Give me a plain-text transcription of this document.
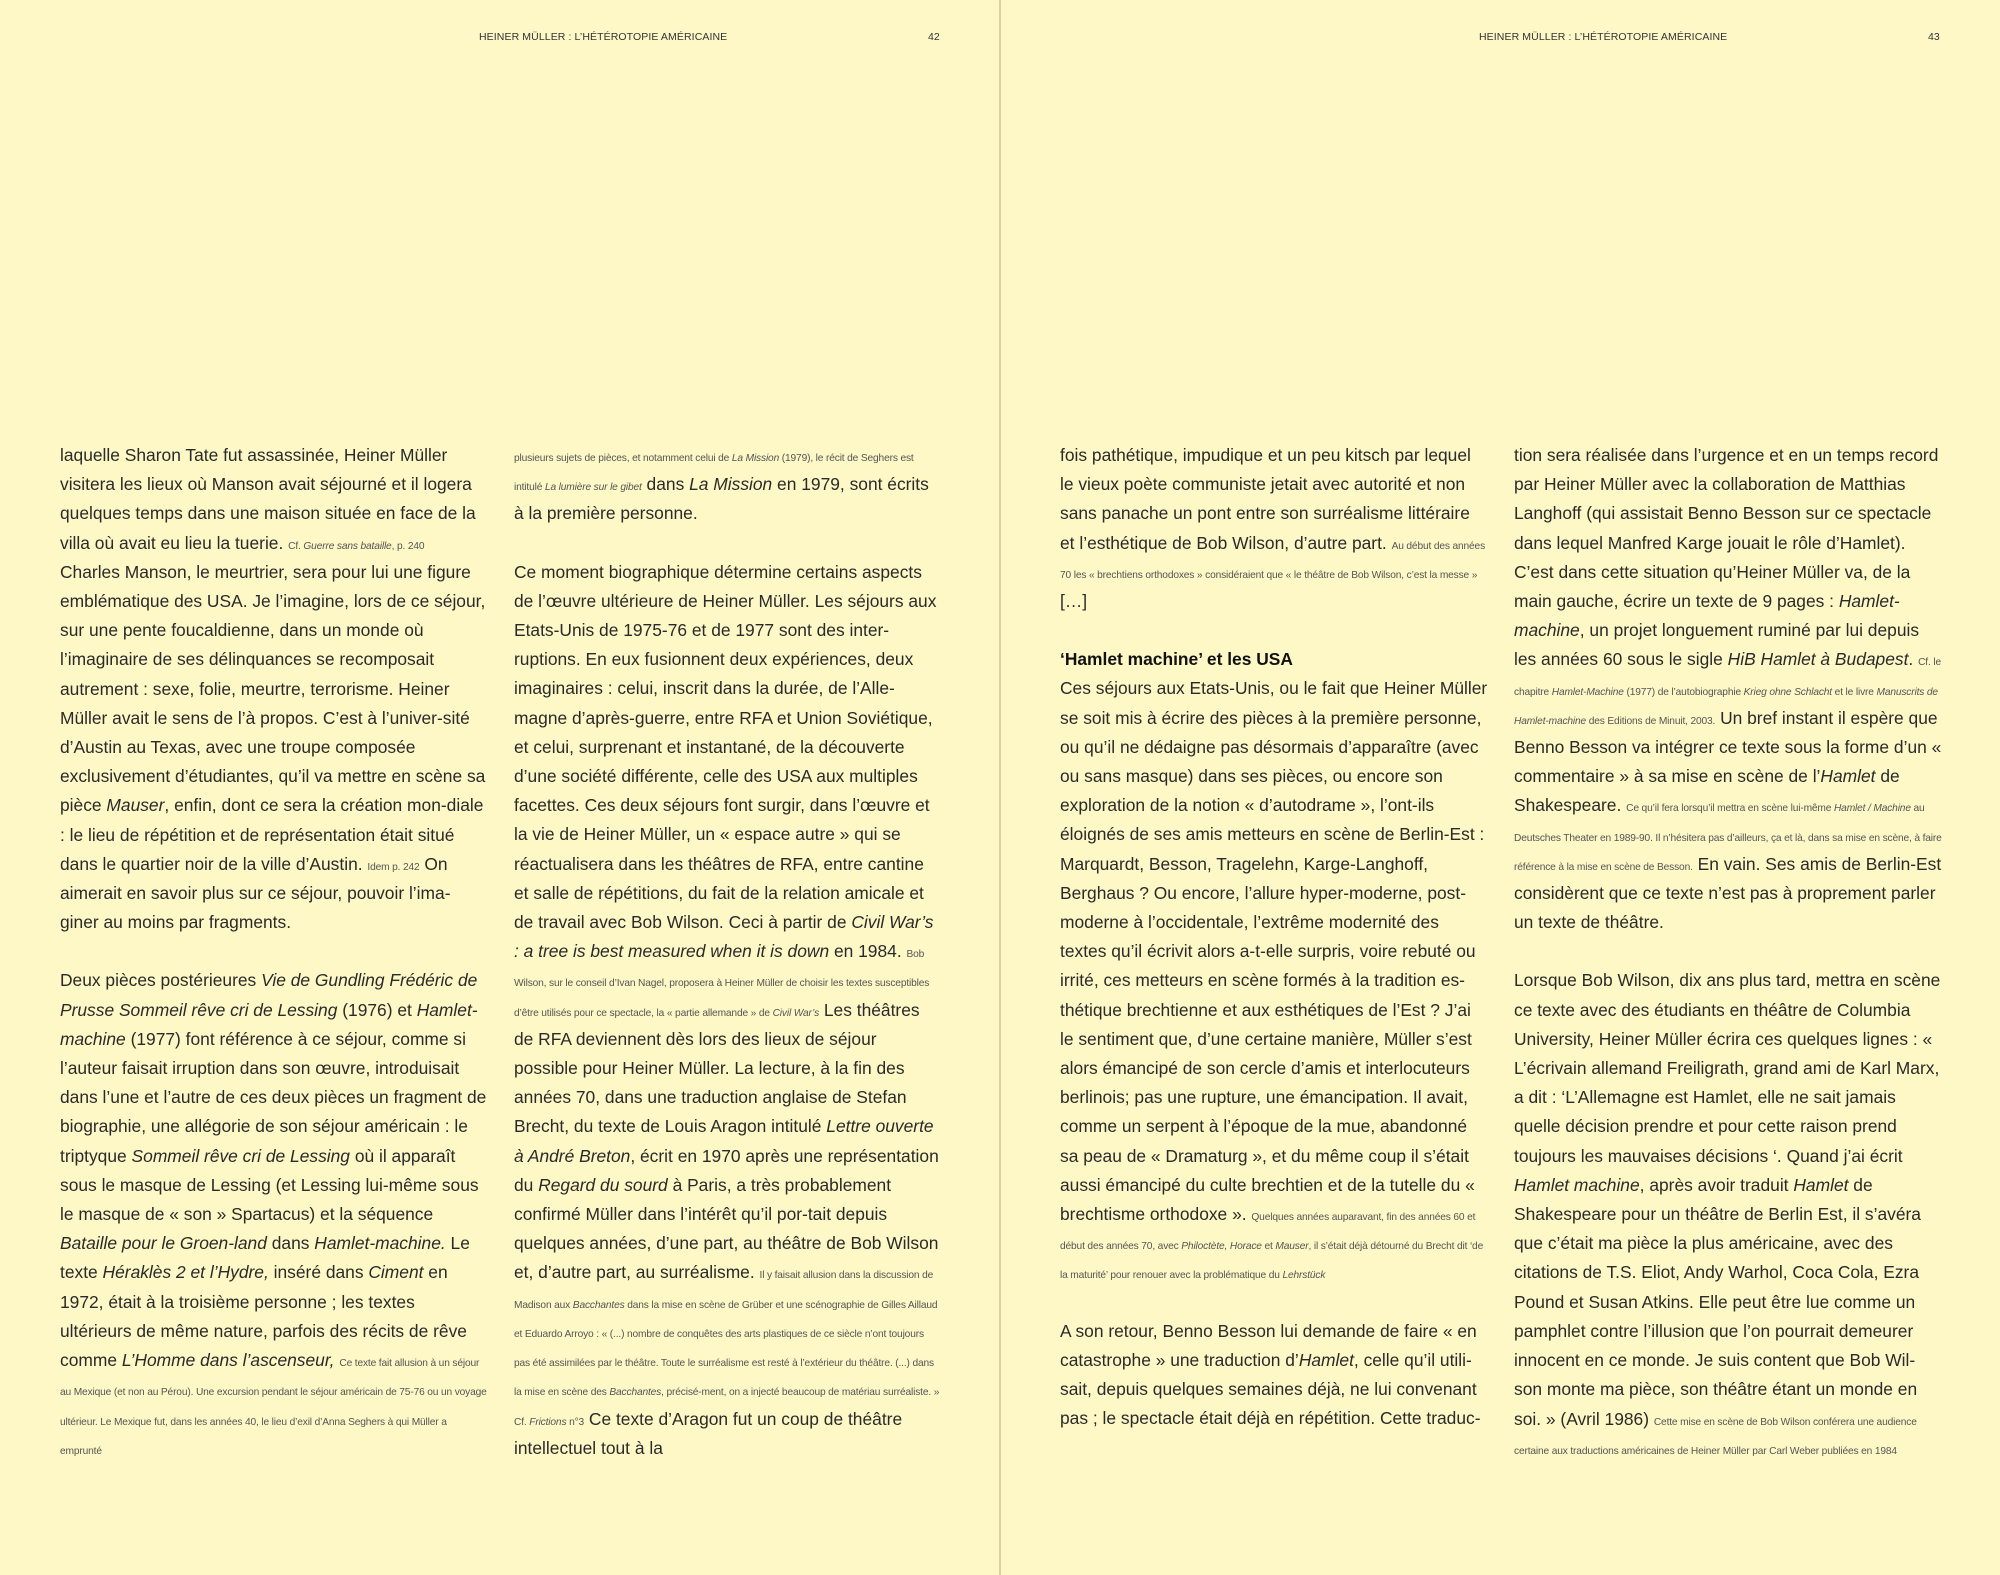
HEINER MÜLLER : L’HÉTÉROTOPIE AMÉRICAINE	42

laquelle Sharon Tate fut assassinée, Heiner Müller visitera les lieux où Manson avait séjourné et il logera quelques temps dans une maison située en face de la villa où avait eu lieu la tuerie. Cf. Guerre sans bataille, p. 240 Charles Manson, le meurtrier, sera pour lui une figure emblématique des USA. Je l’imagine, lors de ce séjour, sur une pente foucaldienne, dans un monde où l’imaginaire de ses délinquances se recomposait autrement : sexe, folie, meurtre, terrorisme. Heiner Müller avait le sens de l’à propos. C’est à l’univer-sité d’Austin au Texas, avec une troupe composée exclusivement d’étudiantes, qu’il va mettre en scène sa pièce Mauser, enfin, dont ce sera la création mon-diale : le lieu de répétition et de représentation était situé dans le quartier noir de la ville d’Austin. Idem p. 242 On aimerait en savoir plus sur ce séjour, pouvoir l’ima-giner au moins par fragments.

Deux pièces postérieures Vie de Gundling Frédéric de Prusse Sommeil rêve cri de Lessing (1976) et Hamlet-machine (1977) font référence à ce séjour, comme si l’auteur faisait irruption dans son œuvre, introduisait dans l’une et l’autre de ces deux pièces un fragment de biographie, une allégorie de son séjour américain : le triptyque Sommeil rêve cri de Lessing où il apparaît sous le masque de Lessing (et Lessing lui-même sous le masque de « son » Spartacus) et la séquence Bataille pour le Groen-land dans Hamlet-machine. Le texte Héraklès 2 et l’Hydre, inséré dans Ciment en 1972, était à la troisième personne ; les textes ultérieurs de même nature, parfois des récits de rêve comme L’Homme dans l’ascenseur, Ce texte fait allusion à un séjour au Mexique (et non au Pérou). Une excursion pendant le séjour américain de 75-76 ou un voyage ultérieur. Le Mexique fut, dans les années 40, le lieu d’exil d’Anna Seghers à qui Müller a emprunté

plusieurs sujets de pièces, et notamment celui de La Mission (1979), le récit de Seghers est intitulé La lumière sur le gibet dans La Mission en 1979, sont écrits à la première personne.

Ce moment biographique détermine certains aspects de l’œuvre ultérieure de Heiner Müller. Les séjours aux Etats-Unis de 1975-76 et de 1977 sont des inter-ruptions. En eux fusionnent deux expériences, deux imaginaires : celui, inscrit dans la durée, de l’Alle-magne d’après-guerre, entre RFA et Union Soviétique, et celui, surprenant et instantané, de la découverte d’une société différente, celle des USA aux multiples facettes. Ces deux séjours font surgir, dans l’œuvre et la vie de Heiner Müller, un « espace autre » qui se réactualisera dans les théâtres de RFA, entre cantine et salle de répétitions, du fait de la relation amicale et de travail avec Bob Wilson. Ceci à partir de Civil War’s : a tree is best measured when it is down en 1984. Bob Wilson, sur le conseil d’Ivan Nagel, proposera à Heiner Müller de choisir les textes susceptibles d’être utilisés pour ce spectacle, la « partie allemande » de Civil War’s Les théâtres de RFA deviennent dès lors des lieux de séjour possible pour Heiner Müller. La lecture, à la fin des années 70, dans une traduction anglaise de Stefan Brecht, du texte de Louis Aragon intitulé Lettre ouverte à André Breton, écrit en 1970 après une représentation du Regard du sourd à Paris, a très probablement confirmé Müller dans l’intérêt qu’il por-tait depuis quelques années, d’une part, au théâtre de Bob Wilson et, d’autre part, au surréalisme. Il y faisait allusion dans la discussion de Madison aux Bacchantes dans la mise en scène de Grüber et une scénographie de Gilles Aillaud et Eduardo Arroyo : « (...) nombre de conquêtes des arts plastiques de ce siècle n’ont toujours pas été assimilées par le théâtre. Toute le surréalisme est resté à l’extérieur du théâtre. (...) dans la mise en scène des Bacchantes, précisé-ment, on a injecté beaucoup de matériau surréaliste. » Cf. Frictions n°3 Ce texte d’Aragon fut un coup de théâtre intellectuel tout à la

HEINER MÜLLER : L’HÉTÉROTOPIE AMÉRICAINE	43

fois pathétique, impudique et un peu kitsch par lequel le vieux poète communiste jetait avec autorité et non sans panache un pont entre son surréalisme littéraire et l’esthétique de Bob Wilson, d’autre part. Au début des années 70 les « brechtiens orthodoxes » considéraient que « le théâtre de Bob Wilson, c’est la messe » […]

‘Hamlet machine’ et les USA
Ces séjours aux Etats-Unis, ou le fait que Heiner Müller se soit mis à écrire des pièces à la première personne, ou qu’il ne dédaigne pas désormais d’apparaître (avec ou sans masque) dans ses pièces, ou encore son exploration de la notion « d’autodrame », l’ont-ils éloignés de ses amis metteurs en scène de Berlin-Est : Marquardt, Besson, Tragelehn, Karge-Langhoff, Berghaus ? Ou encore, l’allure hyper-moderne, post-moderne à l’occidentale, l’extrême modernité des textes qu’il écrivit alors a-t-elle surpris, voire rebuté ou irrité, ces metteurs en scène formés à la tradition es-thétique brechtienne et aux esthétiques de l’Est ? J’ai le sentiment que, d’une certaine manière, Müller s’est alors émancipé de son cercle d’amis et interlocuteurs berlinois; pas une rupture, une émancipation. Il avait, comme un serpent à l’époque de la mue, abandonné sa peau de « Dramaturg », et du même coup il s’était aussi émancipé du culte brechtien et de la tutelle du « brechtisme orthodoxe ». Quelques années auparavant, fin des années 60 et début des années 70, avec Philoctète, Horace et Mauser, il s’était déjà détourné du Brecht dit ‘de la maturité’ pour renouer avec la problématique du Lehrstück

A son retour, Benno Besson lui demande de faire « en catastrophe » une traduction d’Hamlet, celle qu’il utili-sait, depuis quelques semaines déjà, ne lui convenant pas ; le spectacle était déjà en répétition. Cette traduc-

tion sera réalisée dans l’urgence et en un temps record par Heiner Müller avec la collaboration de Matthias Langhoff (qui assistait Benno Besson sur ce spectacle dans lequel Manfred Karge jouait le rôle d’Hamlet). C’est dans cette situation qu’Heiner Müller va, de la main gauche, écrire un texte de 9 pages : Hamlet-machine, un projet longuement ruminé par lui depuis les années 60 sous le sigle HiB Hamlet à Budapest. Cf. le chapitre Hamlet-Machine (1977) de l’autobiographie Krieg ohne Schlacht et le livre Manuscrits de Hamlet-machine des Editions de Minuit, 2003. Un bref instant il espère que Benno Besson va intégrer ce texte sous la forme d’un « commentaire » à sa mise en scène de l’Hamlet de Shakespeare. Ce qu’il fera lorsqu’il mettra en scène lui-même Hamlet / Machine au Deutsches Theater en 1989-90. Il n’hésitera pas d’ailleurs, ça et là, dans sa mise en scène, à faire référence à la mise en scène de Besson. En vain. Ses amis de Berlin-Est considèrent que ce texte n’est pas à proprement parler un texte de théâtre.

Lorsque Bob Wilson, dix ans plus tard, mettra en scène ce texte avec des étudiants en théâtre de Columbia University, Heiner Müller écrira ces quelques lignes : « L’écrivain allemand Freiligrath, grand ami de Karl Marx, a dit : ‘L’Allemagne est Hamlet, elle ne sait jamais quelle décision prendre et pour cette raison prend toujours les mauvaises décisions ‘. Quand j’ai écrit Hamlet machine, après avoir traduit Hamlet de Shakespeare pour un théâtre de Berlin Est, il s’avéra que c’était ma pièce la plus américaine, avec des citations de T.S. Eliot, Andy Warhol, Coca Cola, Ezra Pound et Susan Atkins. Elle peut être lue comme un pamphlet contre l’illusion que l’on pourrait demeurer innocent en ce monde. Je suis content que Bob Wil-son monte ma pièce, son théâtre étant un monde en soi. » (Avril 1986) Cette mise en scène de Bob Wilson conférera une audience certaine aux traductions américaines de Heiner Müller par Carl Weber publiées en 1984
